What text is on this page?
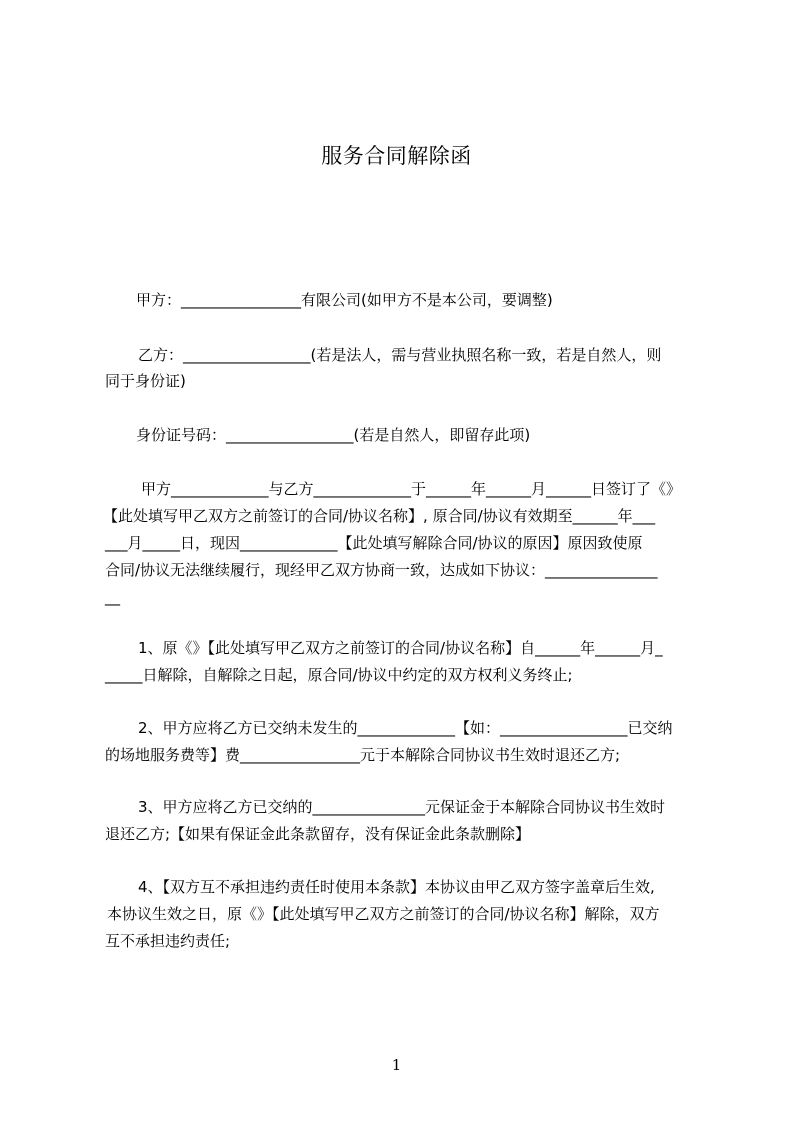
服务合同解除函
甲方：________________有限公司(如甲方不是本公司，要调整)
乙方：_________________(若是法人，需与营业执照名称一致，若是自然人，则
同于身份证)
身份证号码：_________________(若是自然人，即留存此项)
甲方_____________与乙方_____________于______年______月______日签订了《》
【此处填写甲乙双方之前签订的合同/协议名称】, 原合同/协议有效期至______年___
___月_____日，现因_____________【此处填写解除合同/协议的原因】原因致使原
合同/协议无法继续履行，现经甲乙双方协商一致，达成如下协议：_______________
__
1、原《》【此处填写甲乙双方之前签订的合同/协议名称】自______年______月_
_____日解除，自解除之日起，原合同/协议中约定的双方权利义务终止;
2、甲方应将乙方已交纳未发生的_____________【如：_________________已交纳
的场地服务费等】费________________元于本解除合同协议书生效时退还乙方;
3、甲方应将乙方已交纳的_______________元保证金于本解除合同协议书生效时
退还乙方;【如果有保证金此条款留存，没有保证金此条款删除】
4、【双方互不承担违约责任时使用本条款】本协议由甲乙双方签字盖章后生效,
本协议生效之日，原《》【此处填写甲乙双方之前签订的合同/协议名称】解除，双方
互不承担违约责任;
1
